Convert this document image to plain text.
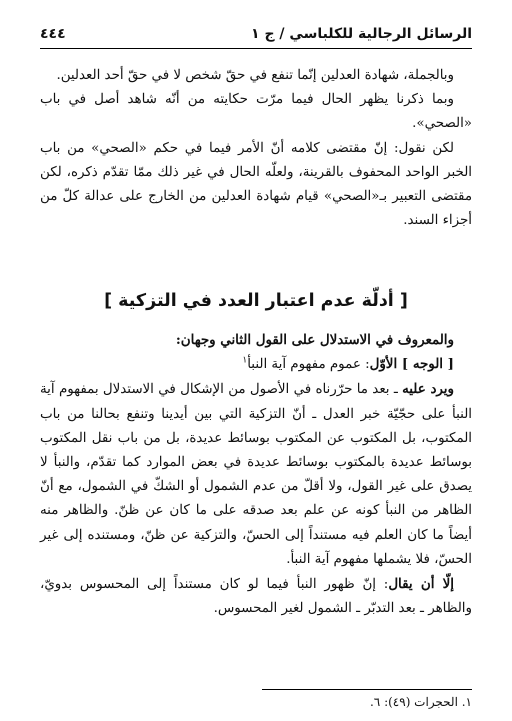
٤٤٤	الرسائل الرجالية للكلباسي / ج ١

وبالجملة، شهادة العدلين إنّما تنفع في حقّ شخص لا في حقّ أحد العدلين.

وبما ذكرنا يظهر الحال فيما مرّت حكايته من أنّه شاهد أصل في باب «الصحي».

لكن نقول: إنّ مقتضى كلامه أنّ الأمر فيما في حكم «الصحي» من باب الخبر الواحد المحفوف بالقرينة، ولعلّه الحال في غير ذلك ممّا تقدّم ذكره، لكن مقتضى التعبير بـ«الصحي» قيام شهادة العدلين من الخارج على عدالة كلّ من أجزاء السند.

[ أدلّة عدم اعتبار العدد في التزكية ]

والمعروف في الاستدلال على القول الثاني وجهان:

[ الوجه ] الأوّل: عموم مفهوم آية النبأ$^١$

ويرد عليه ـ بعد ما حرّرناه في الأصول من الإشكال في الاستدلال بمفهوم آية النبأ على حجّيّة خبر العدل ـ أنّ التزكية التي بين أيدينا وتنفع بحالنا من باب المكتوب، بل المكتوب عن المكتوب بوسائط عديدة، بل من باب نقل المكتوب بوسائط عديدة بالمكتوب بوسائط عديدة في بعض الموارد كما تقدّم، والنبأ لا يصدق على غير القول، ولا أقلّ من عدم الشمول أو الشكّ في الشمول، مع أنّ الظاهر من النبأ كونه عن علم بعد صدقه على ما كان عن ظنّ. والظاهر منه أيضاً ما كان العلم فيه مستنداً إلى الحسّ، والتزكية عن ظنّ، ومستنده إلى غير الحسّ، فلا يشملها مفهوم آية النبأ.

إلّا أن يقال: إنّ ظهور النبأ فيما لو كان مستنداً إلى المحسوس بدويّ، والظاهر ـ بعد التدبّر ـ الشمول لغير المحسوس.

١. الحجرات (٤٩): ٦.
